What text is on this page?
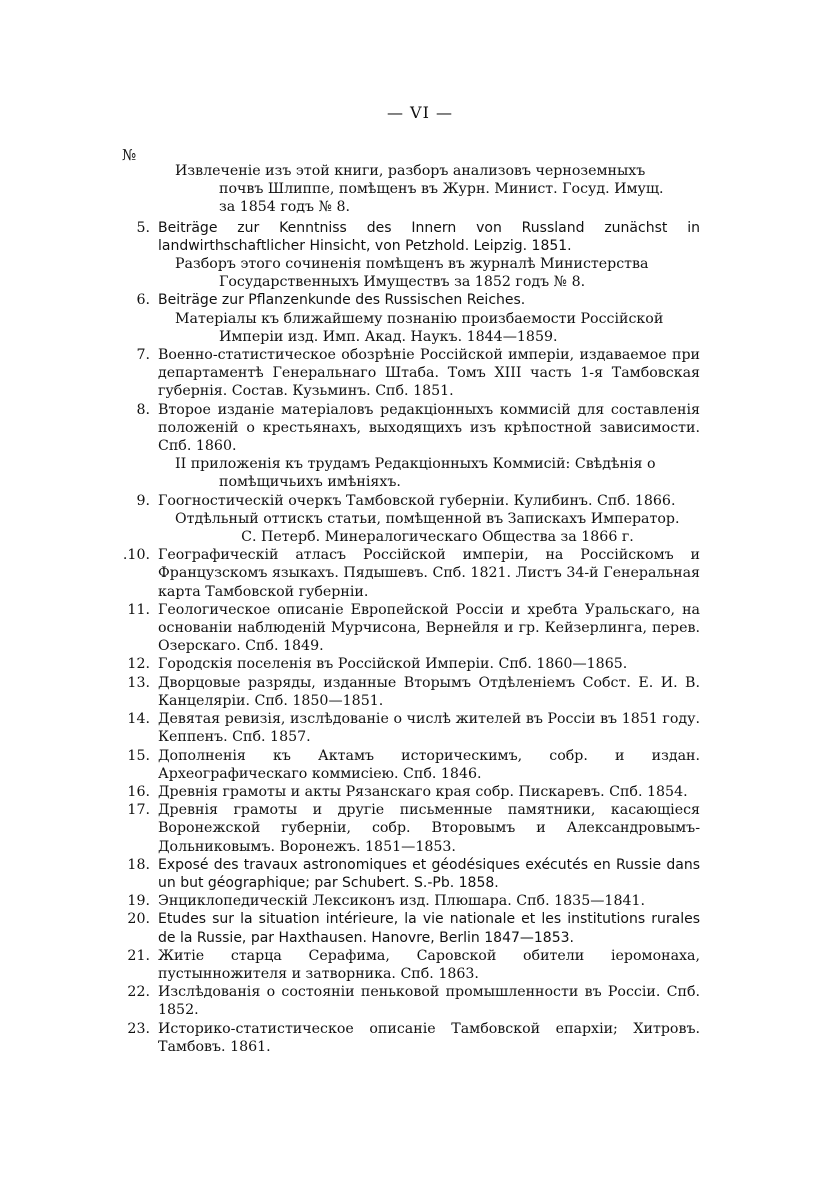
— VI —
№
Извлеченіе изъ этой книги, разборъ анализовъ черноземныхъ
почвъ Шлиппе, помѣщенъ въ Журн. Минист. Госуд. Имущ.
за 1854 годъ № 8.
5. Beiträge zur Kenntniss des Innern von Russland zunächst in landwirthschaftlicher Hinsicht, von Petzhold. Leipzig. 1851.
Разборъ этого сочиненія помѣщенъ въ журналѣ Министерства
Государственныхъ Имуществъ за 1852 годъ № 8.
6. Beiträge zur Pflanzenkunde des Russischen Reiches.
Матеріалы къ ближайшему познанію произбаемости Россійской
Имперіи изд. Имп. Акад. Наукъ. 1844—1859.
7. Военно-статистическое обозрѣніе Россійской имперіи, издаваемое при департаментѣ Генеральнаго Штаба. Томъ XIII часть 1-я Тамбовская губернія. Состав. Кузьминъ. Спб. 1851.
8. Второе изданіе матеріаловъ редакціонныхъ коммисій для составленія положеній о крестьянахъ, выходящихъ изъ крѣпостной зависимости. Спб. 1860.
II приложенія къ трудамъ Редакціонныхъ Коммисій: Свѣдѣнія о
помѣщичьихъ имѣніяхъ.
9. Гоогностическій очеркъ Тамбовской губерніи. Кулибинъ. Спб. 1866.
Отдѣльный оттискъ статьи, помѣщенной въ Запискахъ Император.
С. Петерб. Минералогическаго Общества за 1866 г.
.10. Географическій атласъ Россійской имперіи, на Россійскомъ и Французскомъ языкахъ. Пядышевъ. Спб. 1821. Листъ 34-й Генеральная карта Тамбовской губерніи.
11. Геологическое описаніе Европейской Россіи и хребта Уральскаго, на основаніи наблюденій Мурчисона, Вернейля и гр. Кейзерлинга, перев. Озерскаго. Спб. 1849.
12. Городскія поселенія въ Россійской Имперіи. Спб. 1860—1865.
13. Дворцовые разряды, изданные Вторымъ Отдѣленіемъ Собст. Е. И. В. Канцеляріи. Спб. 1850—1851.
14. Девятая ревизія, изслѣдованіе о числѣ жителей въ Россіи въ 1851 году. Кеппенъ. Спб. 1857.
15. Дополненія къ Актамъ историческимъ, собр. и издан. Археографическаго коммисіею. Спб. 1846.
16. Древнія грамоты и акты Рязанскаго края собр. Пискаревъ. Спб. 1854.
17. Древнія грамоты и другіе письменные памятники, касающіеся Воронежской губерніи, собр. Второвымъ и Александровымъ-Дольниковымъ. Воронежъ. 1851—1853.
18. Exposé des travaux astronomiques et géodésiques exécutés en Russie dans un but géographique; par Schubert. S.-Pb. 1858.
19. Энциклопедическій Лексиконъ изд. Плюшара. Спб. 1835—1841.
20. Etudes sur la situation intérieure, la vie nationale et les institutions rurales de la Russie, par Haxthausen. Hanovre, Berlin 1847—1853.
21. Житіе старца Серафима, Саровской обители іеромонаха, пустынножителя и затворника. Спб. 1863.
22. Изслѣдованія о состояніи пеньковой промышленности въ Россіи. Спб. 1852.
23. Историко-статистическое описаніе Тамбовской епархіи; Хитровъ. Тамбовъ. 1861.
